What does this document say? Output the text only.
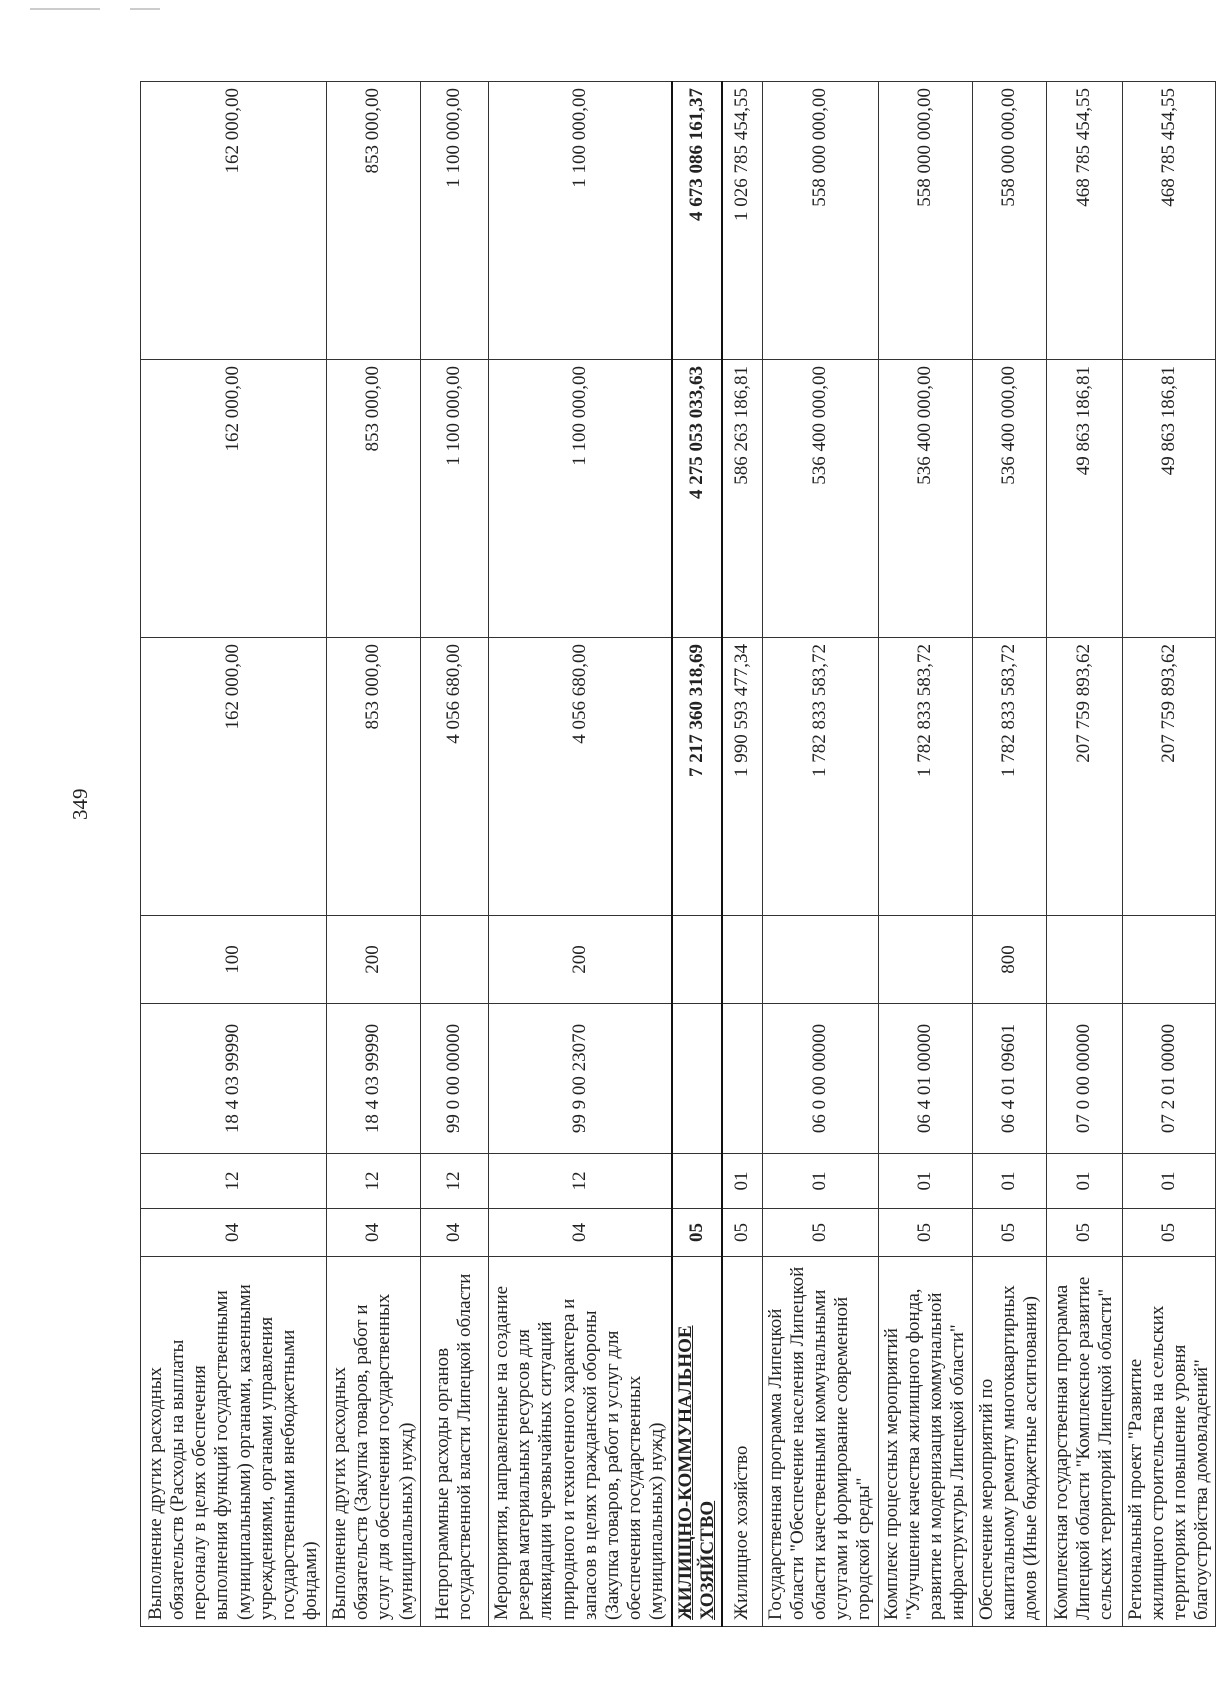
349
Выполнение других расходных обязательств (Расходы на выплаты персоналу в целях обеспечения выполнения функций государственными (муниципальными) органами, казенными учреждениями, органами управления государственными внебюджетными фондами)	04	12	18 4 03 99990	100	162 000,00	162 000,00	162 000,00
Выполнение других расходных обязательств (Закупка товаров, работ и услуг для обеспечения государственных (муниципальных) нужд)	04	12	18 4 03 99990	200	853 000,00	853 000,00	853 000,00
Непрограммные расходы органов государственной власти Липецкой области	04	12	99 0 00 00000		4 056 680,00	1 100 000,00	1 100 000,00
Мероприятия, направленные на создание резерва материальных ресурсов для ликвидации чрезвычайных ситуаций природного и техногенного характера и запасов в целях гражданской обороны (Закупка товаров, работ и услуг для обеспечения государственных (муниципальных) нужд)	04	12	99 9 00 23070	200	4 056 680,00	1 100 000,00	1 100 000,00
ЖИЛИЩНО-КОММУНАЛЬНОЕ ХОЗЯЙСТВО	05				7 217 360 318,69	4 275 053 033,63	4 673 086 161,37
Жилищное хозяйство	05	01			1 990 593 477,34	586 263 186,81	1 026 785 454,55
Государственная программа Липецкой области "Обеспечение населения Липецкой области качественными коммунальными услугами и формирование современной городской среды"	05	01	06 0 00 00000		1 782 833 583,72	536 400 000,00	558 000 000,00
Комплекс процессных мероприятий "Улучшение качества жилищного фонда, развитие и модернизация коммунальной инфраструктуры Липецкой области"	05	01	06 4 01 00000		1 782 833 583,72	536 400 000,00	558 000 000,00
Обеспечение мероприятий по капитальному ремонту многоквартирных домов (Иные бюджетные ассигнования)	05	01	06 4 01 09601	800	1 782 833 583,72	536 400 000,00	558 000 000,00
Комплексная государственная программа Липецкой области "Комплексное развитие сельских территорий Липецкой области"	05	01	07 0 00 00000		207 759 893,62	49 863 186,81	468 785 454,55
Региональный проект "Развитие жилищного строительства на сельских территориях и повышение уровня благоустройства домовладений"	05	01	07 2 01 00000		207 759 893,62	49 863 186,81	468 785 454,55
